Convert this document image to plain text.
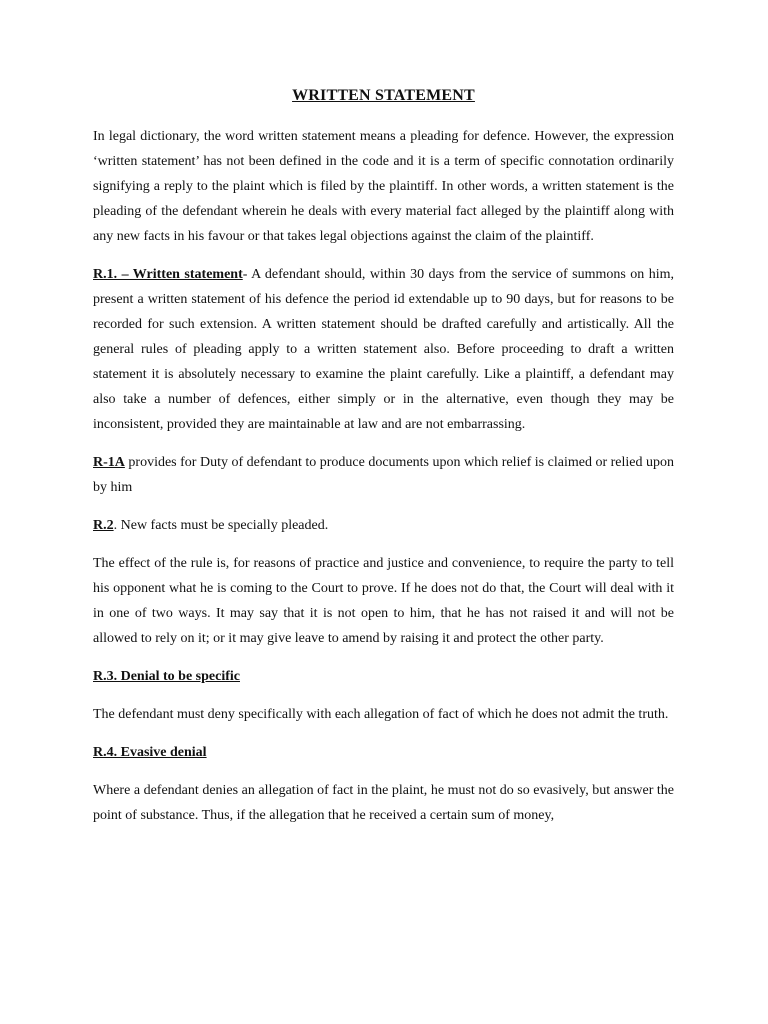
WRITTEN STATEMENT

In legal dictionary, the word written statement means a pleading for defence. However, the expression ‘written statement’ has not been defined in the code and it is a term of specific connotation ordinarily signifying a reply to the plaint which is filed by the plaintiff. In other words, a written statement is the pleading of the defendant wherein he deals with every material fact alleged by the plaintiff along with any new facts in his favour or that takes legal objections against the claim of the plaintiff.

R.1. – Written statement- A defendant should, within 30 days from the service of summons on him, present a written statement of his defence the period id extendable up to 90 days, but for reasons to be recorded for such extension. A written statement should be drafted carefully and artistically. All the general rules of pleading apply to a written statement also. Before proceeding to draft a written statement it is absolutely necessary to examine the plaint carefully. Like a plaintiff, a defendant may also take a number of defences, either simply or in the alternative, even though they may be inconsistent, provided they are maintainable at law and are not embarrassing.

R-1A provides for Duty of defendant to produce documents upon which relief is claimed or relied upon by him

R.2. New facts must be specially pleaded.

The effect of the rule is, for reasons of practice and justice and convenience, to require the party to tell his opponent what he is coming to the Court to prove. If he does not do that, the Court will deal with it in one of two ways. It may say that it is not open to him, that he has not raised it and will not be allowed to rely on it; or it may give leave to amend by raising it and protect the other party.

R.3. Denial to be specific

The defendant must deny specifically with each allegation of fact of which he does not admit the truth.

R.4. Evasive denial

Where a defendant denies an allegation of fact in the plaint, he must not do so evasively, but answer the point of substance. Thus, if the allegation that he received a certain sum of money,
